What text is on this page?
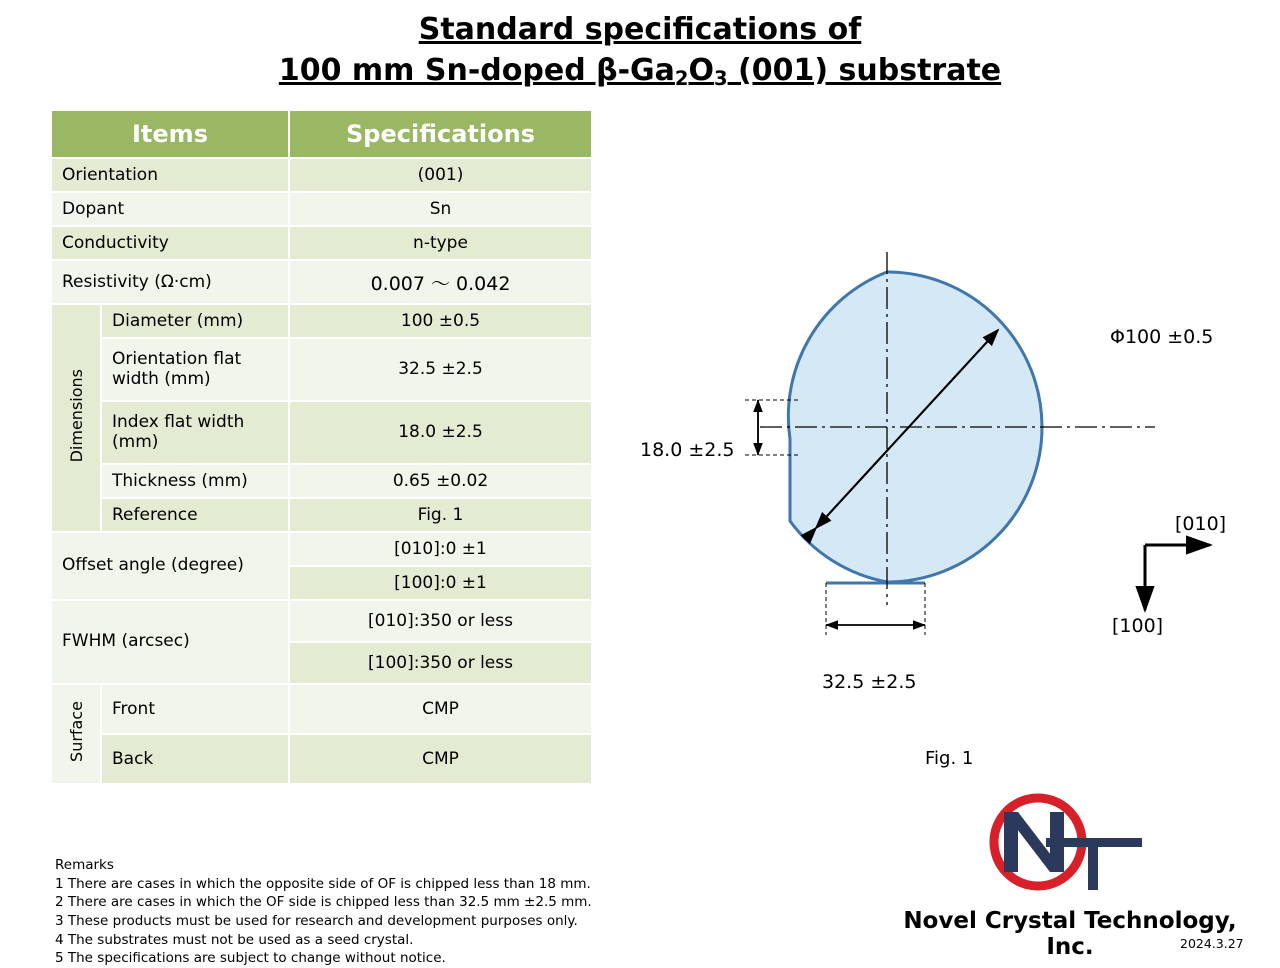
Standard specifications of
100 mm Sn-doped $\beta-Ga_2O_3$ (001) substrate
Items		Specifications
Orientation		(001)
Dopant		Sn
Conductivity		n-type
Resistivity (Ω·cm)		0.007 ～ 0.042
Dimensions	Diameter (mm)	100 ±0.5
	Orientation flat width (mm)	32.5 ±2.5
	Index flat width (mm)	18.0 ±2.5
	Thickness (mm)	0.65 ±0.02
	Reference	Fig. 1
Offset angle (degree)		[010]:0 ±1
		[100]:0 ±1
FWHM (arcsec)		[010]:350 or less
		[100]:350 or less
Surface	Front	CMP
	Back	CMP
Remarks
1 There are cases in which the opposite side of OF is chipped less than 18 mm.
2 There are cases in which the OF side is chipped less than 32.5 mm ±2.5 mm.
3 These products must be used for research and development purposes only.
4 The substrates must not be used as a seed crystal.
5 The specifications are subject to change without notice.
Φ100 ±0.5
18.0 ±2.5
32.5 ±2.5
[010]
[100]
Fig. 1
Novel Crystal Technology, Inc.	2024.3.27
